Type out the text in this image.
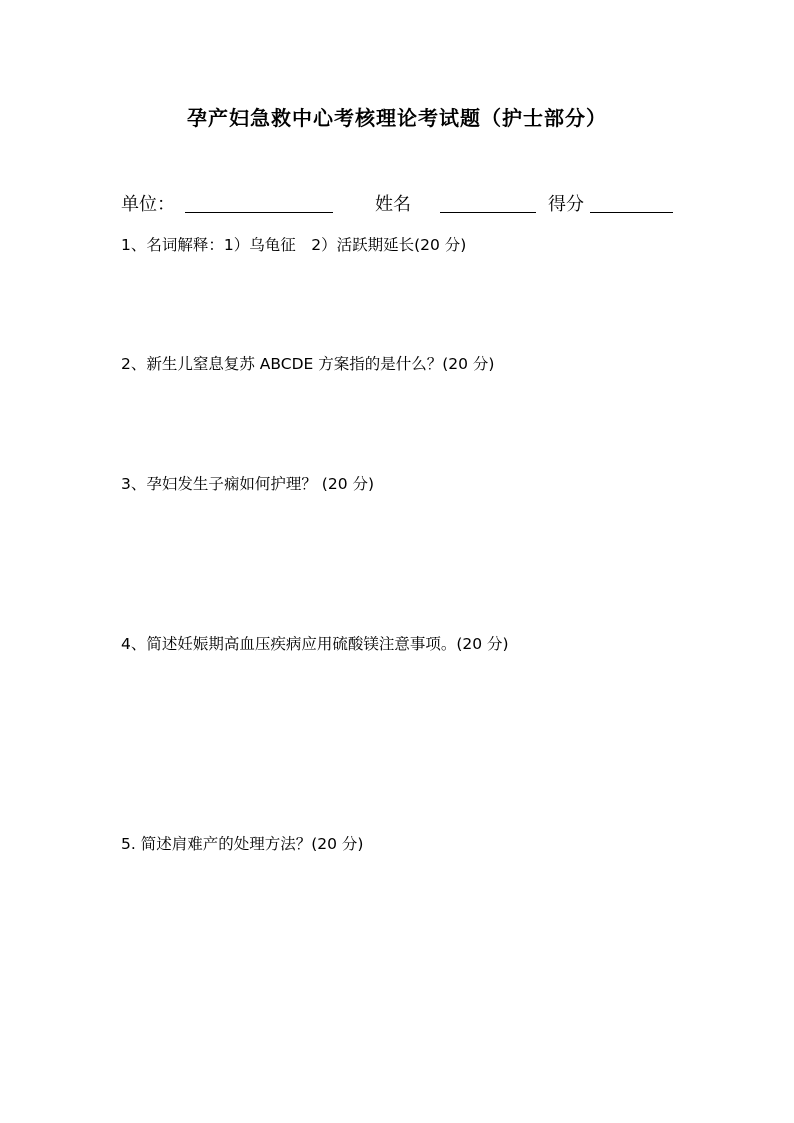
孕产妇急救中心考核理论考试题（护士部分）
单位：	姓名	得分
1、名词解释：1）乌龟征　2）活跃期延长(20 分)
2、新生儿窒息复苏 ABCDE 方案指的是什么？(20 分)
3、孕妇发生子痫如何护理？ (20 分)
4、简述妊娠期高血压疾病应用硫酸镁注意事项。(20 分)
5. 简述肩难产的处理方法？(20 分)
